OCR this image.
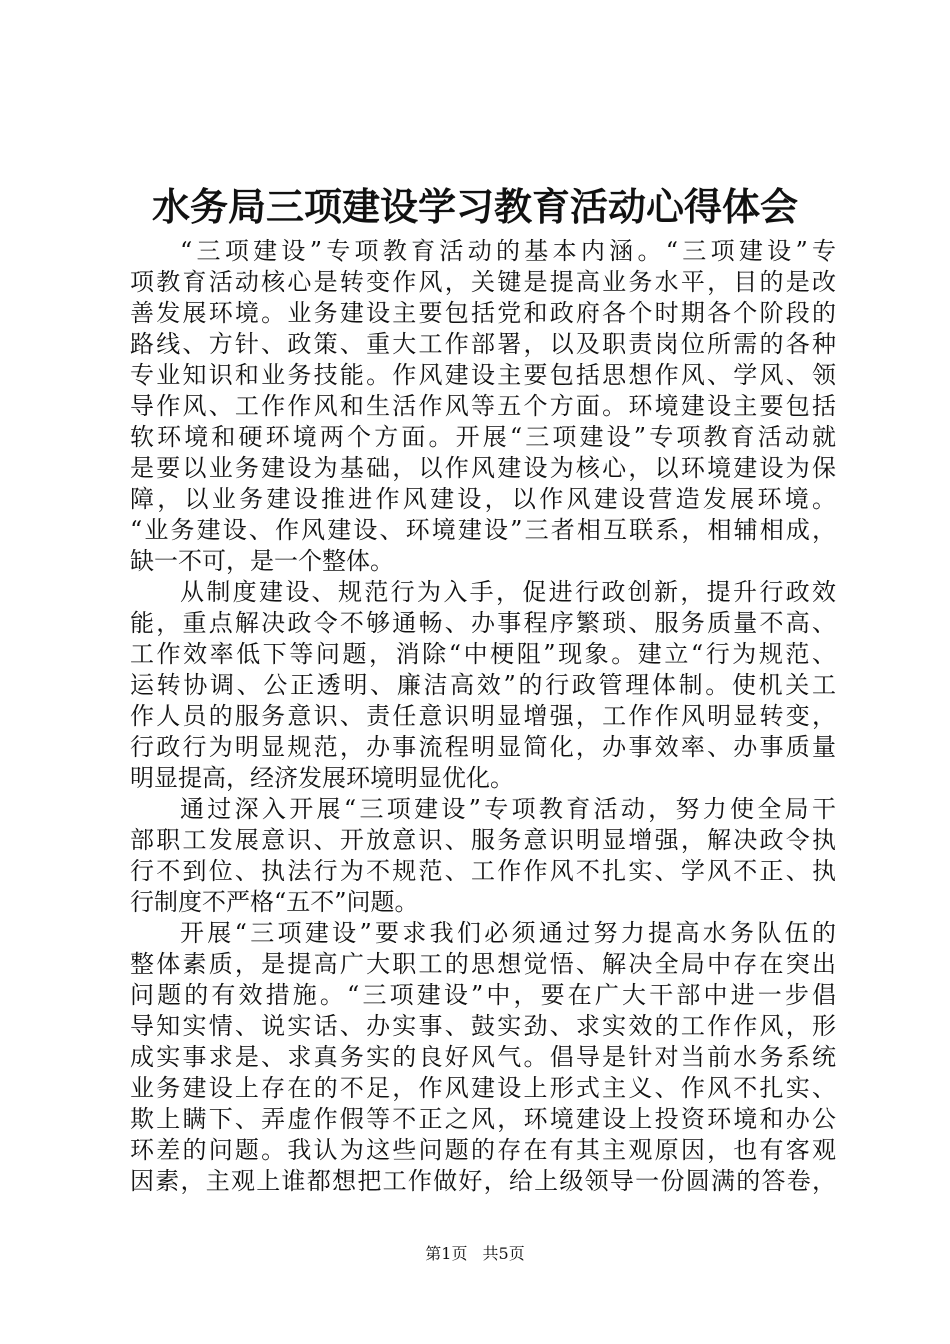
水务局三项建设学习教育活动心得体会
“三项建设”专项教育活动的基本内涵。“三项建设”专
项教育活动核心是转变作风，关键是提高业务水平，目的是改
善发展环境。业务建设主要包括党和政府各个时期各个阶段的
路线、方针、政策、重大工作部署，以及职责岗位所需的各种
专业知识和业务技能。作风建设主要包括思想作风、学风、领
导作风、工作作风和生活作风等五个方面。环境建设主要包括
软环境和硬环境两个方面。开展“三项建设”专项教育活动就
是要以业务建设为基础，以作风建设为核心，以环境建设为保
障，以业务建设推进作风建设，以作风建设营造发展环境。
“业务建设、作风建设、环境建设”三者相互联系，相辅相成，
缺一不可，是一个整体。
从制度建设、规范行为入手，促进行政创新，提升行政效
能，重点解决政令不够通畅、办事程序繁琐、服务质量不高、
工作效率低下等问题，消除“中梗阻”现象。建立“行为规范、
运转协调、公正透明、廉洁高效”的行政管理体制。使机关工
作人员的服务意识、责任意识明显增强，工作作风明显转变，
行政行为明显规范，办事流程明显简化，办事效率、办事质量
明显提高，经济发展环境明显优化。
通过深入开展“三项建设”专项教育活动，努力使全局干
部职工发展意识、开放意识、服务意识明显增强，解决政令执
行不到位、执法行为不规范、工作作风不扎实、学风不正、执
行制度不严格“五不”问题。
开展“三项建设”要求我们必须通过努力提高水务队伍的
整体素质，是提高广大职工的思想觉悟、解决全局中存在突出
问题的有效措施。“三项建设”中，要在广大干部中进一步倡
导知实情、说实话、办实事、鼓实劲、求实效的工作作风，形
成实事求是、求真务实的良好风气。倡导是针对当前水务系统
业务建设上存在的不足，作风建设上形式主义、作风不扎实、
欺上瞒下、弄虚作假等不正之风，环境建设上投资环境和办公
环差的问题。我认为这些问题的存在有其主观原因，也有客观
因素，主观上谁都想把工作做好，给上级领导一份圆满的答卷，
第1页 共5页
